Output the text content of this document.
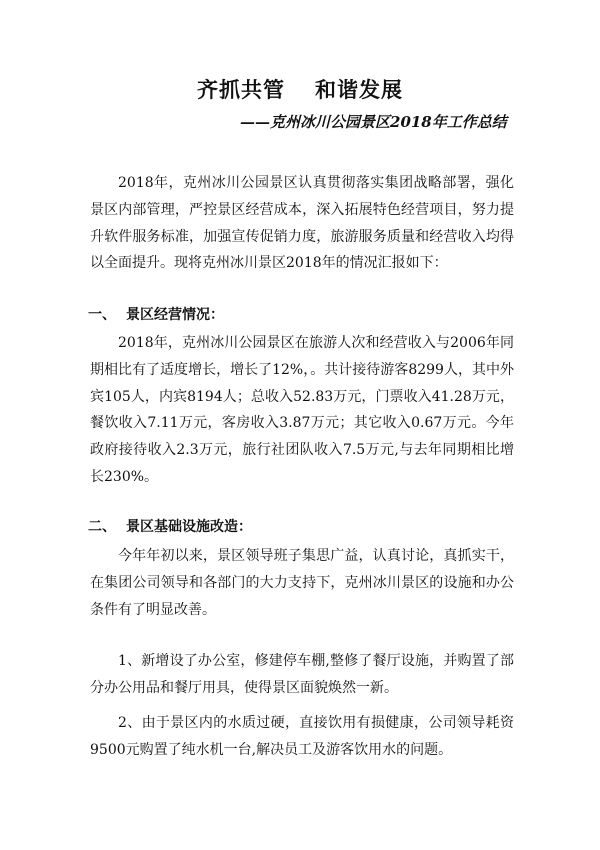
齐抓共管 和谐发展
——克州冰川公园景区2018年工作总结

2018年，克州冰川公园景区认真贯彻落实集团战略部署，强化景区内部管理，严控景区经营成本，深入拓展特色经营项目，努力提升软件服务标准，加强宣传促销力度，旅游服务质量和经营收入均得以全面提升。现将克州冰川景区2018年的情况汇报如下：

一、 景区经营情况：

2018年，克州冰川公园景区在旅游人次和经营收入与2006年同期相比有了适度增长，增长了12%，。共计接待游客8299人，其中外宾105人，内宾8194人；总收入52.83万元，门票收入41.28万元，餐饮收入7.11万元，客房收入3.87万元；其它收入0.67万元。今年政府接待收入2.3万元，旅行社团队收入7.5万元,与去年同期相比增长230%。

二、 景区基础设施改造：

今年年初以来，景区领导班子集思广益，认真讨论，真抓实干，在集团公司领导和各部门的大力支持下，克州冰川景区的设施和办公条件有了明显改善。

1、新增设了办公室，修建停车棚,整修了餐厅设施，并购置了部分办公用品和餐厅用具，使得景区面貌焕然一新。

2、由于景区内的水质过硬，直接饮用有损健康，公司领导耗资9500元购置了纯水机一台,解决员工及游客饮用水的问题。
